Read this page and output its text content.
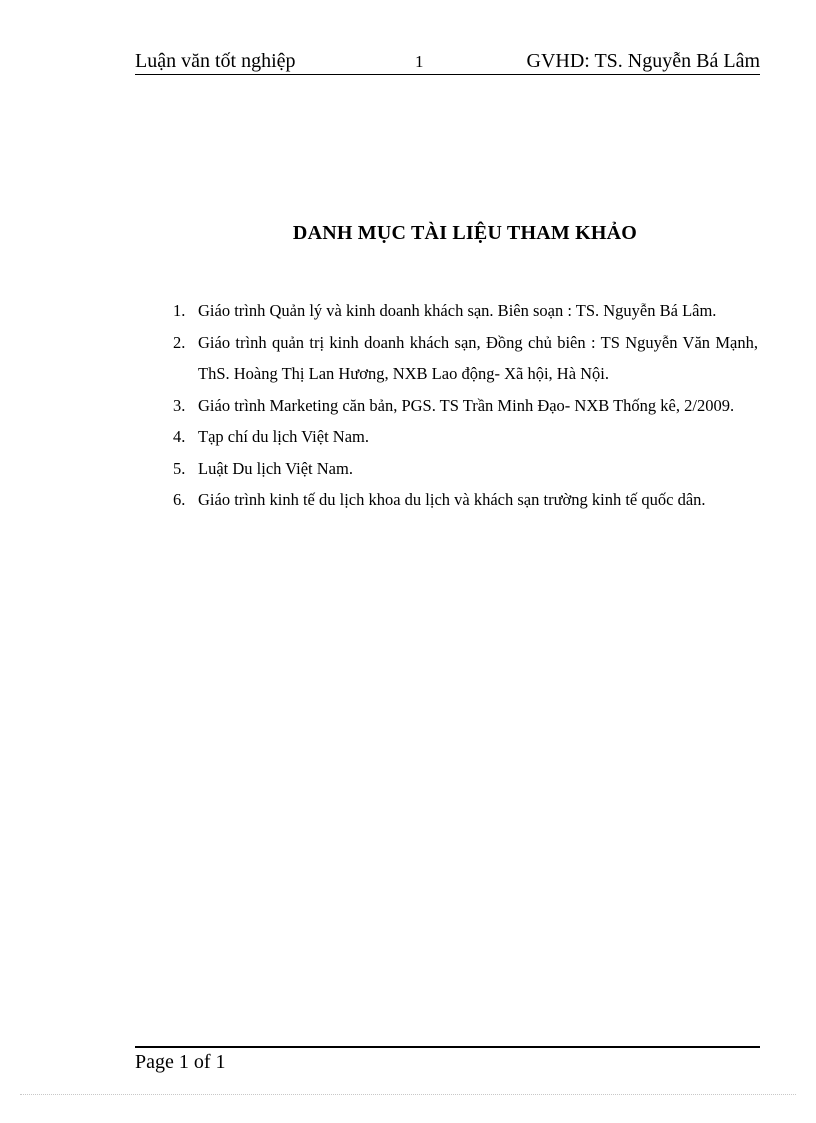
Luận văn tốt nghiệp	1	GVHD: TS. Nguyễn Bá Lâm
DANH MỤC TÀI LIỆU THAM KHẢO
1. Giáo trình Quản lý và kinh doanh khách sạn. Biên soạn : TS. Nguyễn Bá Lâm.
2. Giáo trình quản trị kinh doanh khách sạn, Đồng chủ biên : TS Nguyễn Văn Mạnh, ThS. Hoàng Thị Lan Hương, NXB Lao động- Xã hội, Hà Nội.
3. Giáo trình Marketing căn bản, PGS. TS Trần Minh Đạo- NXB Thống kê, 2/2009.
4. Tạp chí du lịch Việt Nam.
5. Luật Du lịch Việt Nam.
6. Giáo trình kinh tế du lịch khoa du lịch và khách sạn trường kinh tế quốc dân.
Page 1 of 1
